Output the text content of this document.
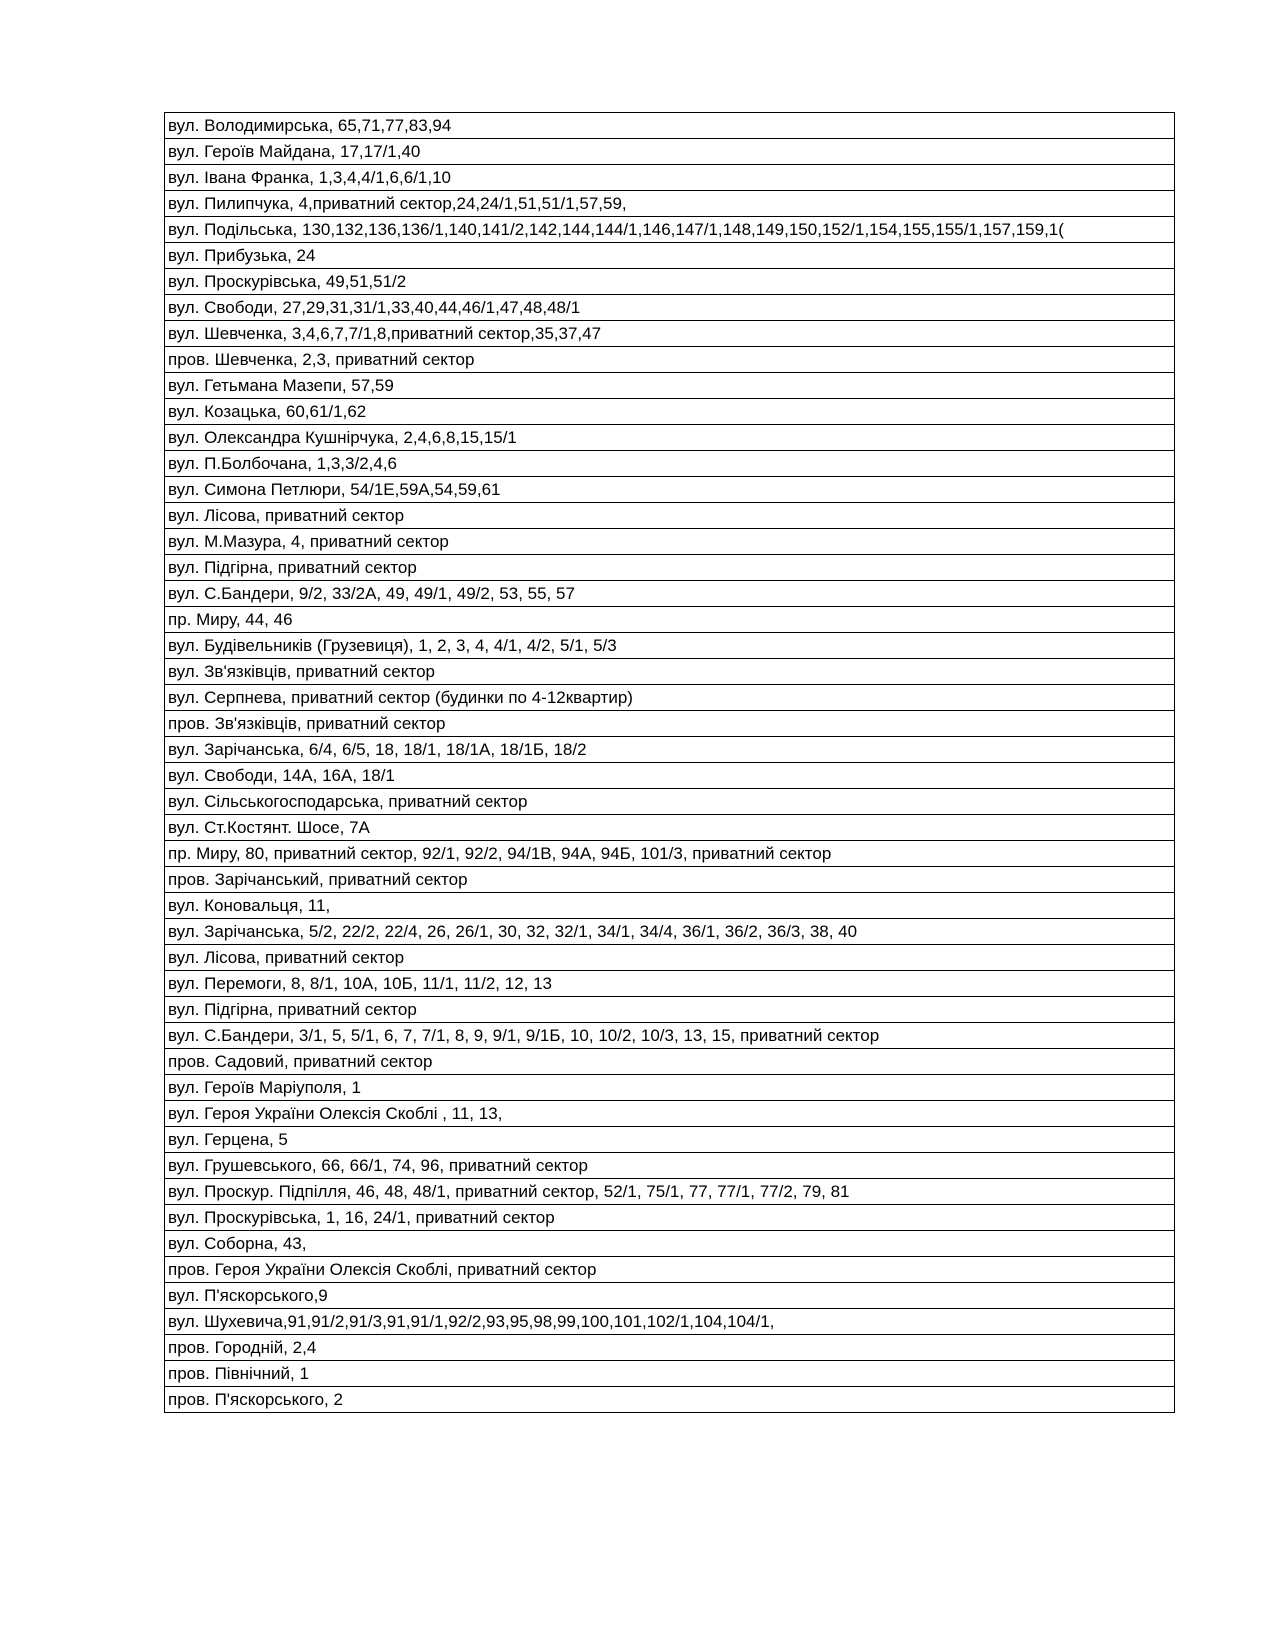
вул. Володимирська, 65,71,77,83,94
вул. Героїв Майдана, 17,17/1,40
вул. Івана Франка, 1,3,4,4/1,6,6/1,10
вул. Пилипчука, 4,приватний сектор,24,24/1,51,51/1,57,59,
вул. Подільська, 130,132,136,136/1,140,141/2,142,144,144/1,146,147/1,148,149,150,152/1,154,155,155/1,157,159,1(
вул. Прибузька, 24
вул. Проскурівська, 49,51,51/2
вул. Свободи, 27,29,31,31/1,33,40,44,46/1,47,48,48/1
вул. Шевченка, 3,4,6,7,7/1,8,приватний сектор,35,37,47
пров. Шевченка, 2,3, приватний сектор
вул. Гетьмана Мазепи, 57,59
вул. Козацька, 60,61/1,62
вул. Олександра Кушнірчука, 2,4,6,8,15,15/1
вул. П.Болбочана, 1,3,3/2,4,6
вул. Симона Петлюри, 54/1Е,59А,54,59,61
вул. Лісова, приватний сектор
вул. М.Мазура, 4, приватний сектор
вул. Підгірна, приватний сектор
вул. С.Бандери, 9/2, 33/2А, 49, 49/1, 49/2, 53, 55, 57
пр. Миру, 44, 46
вул. Будівельників (Грузевиця), 1, 2, 3, 4, 4/1, 4/2, 5/1, 5/3
вул. Зв'язківців, приватний сектор
вул. Серпнева, приватний сектор (будинки по 4-12квартир)
пров. Зв'язківців, приватний сектор
вул. Зарічанська, 6/4, 6/5, 18, 18/1, 18/1А, 18/1Б, 18/2
вул. Свободи, 14А, 16А, 18/1
вул. Сільськогосподарська, приватний сектор
вул. Ст.Костянт. Шосе, 7А
пр. Миру, 80, приватний сектор, 92/1, 92/2, 94/1В, 94А, 94Б, 101/3, приватний сектор
пров. Зарічанський, приватний сектор
вул. Коновальця, 11,
вул. Зарічанська, 5/2, 22/2, 22/4, 26, 26/1, 30, 32, 32/1, 34/1, 34/4, 36/1, 36/2, 36/3, 38, 40
вул. Лісова, приватний сектор
вул. Перемоги, 8, 8/1, 10А, 10Б, 11/1, 11/2, 12, 13
вул. Підгірна, приватний сектор
вул. С.Бандери, 3/1, 5, 5/1, 6, 7, 7/1, 8, 9, 9/1, 9/1Б, 10, 10/2, 10/3, 13, 15, приватний сектор
пров. Садовий, приватний сектор
вул. Героїв Маріуполя, 1
вул. Героя України Олексія Скоблі , 11, 13,
вул. Герцена, 5
вул. Грушевського, 66, 66/1, 74, 96, приватний сектор
вул. Проскур. Підпілля, 46, 48, 48/1, приватний сектор, 52/1, 75/1, 77, 77/1, 77/2, 79, 81
вул. Проскурівська, 1, 16, 24/1, приватний сектор
вул. Соборна, 43,
пров. Героя України Олексія Скоблі, приватний сектор
вул. П'яскорського,9
вул. Шухевича,91,91/2,91/3,91,91/1,92/2,93,95,98,99,100,101,102/1,104,104/1,
пров. Городній, 2,4
пров. Північний, 1
пров. П'яскорського, 2
